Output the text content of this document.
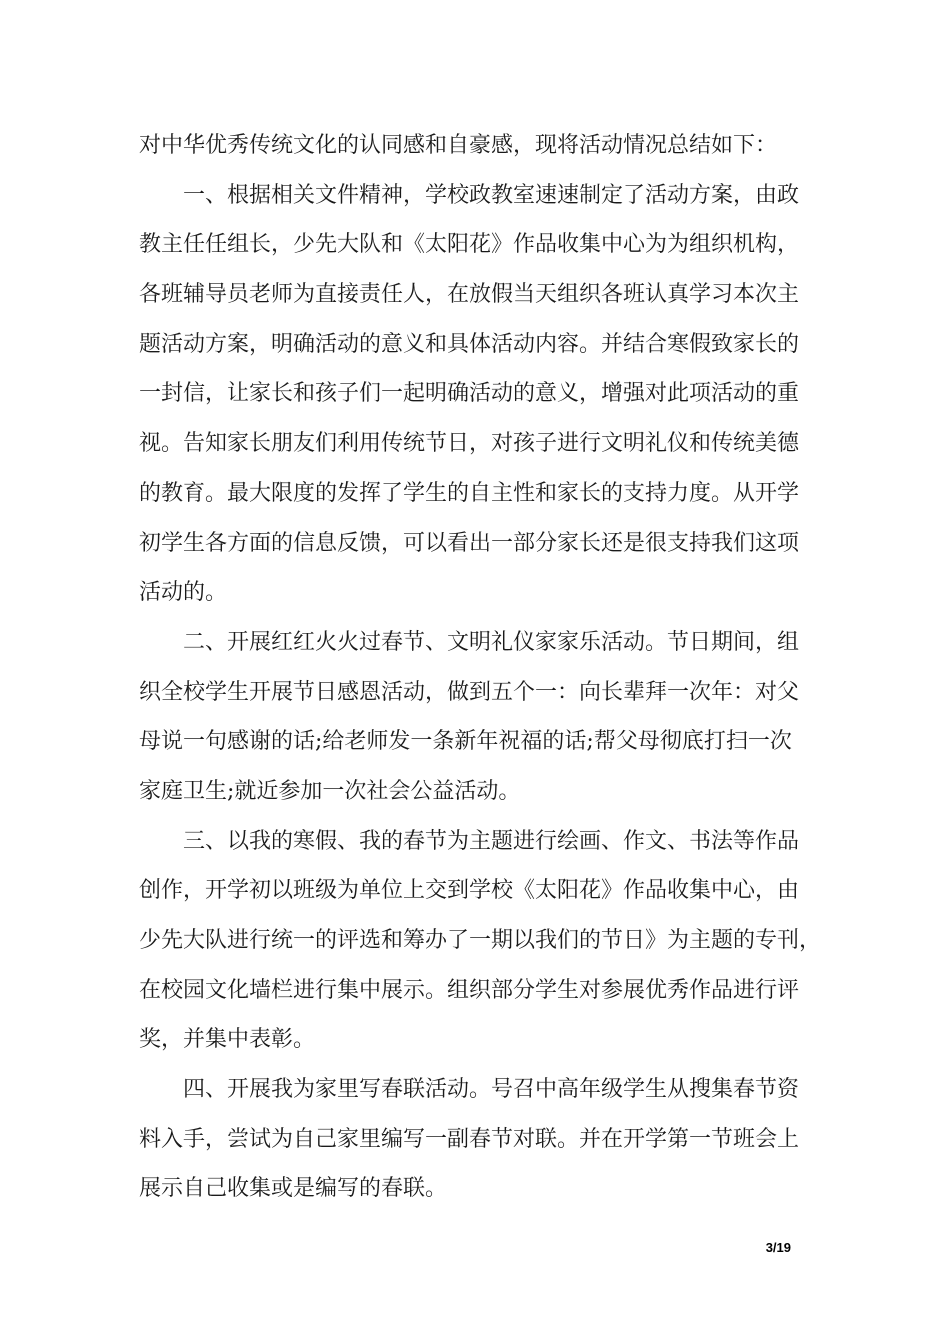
对中华优秀传统文化的认同感和自豪感，现将活动情况总结如下：
　　一、根据相关文件精神，学校政教室速速制定了活动方案，由政
教主任任组长，少先大队和《太阳花》作品收集中心为为组织机构，
各班辅导员老师为直接责任人，在放假当天组织各班认真学习本次主
题活动方案，明确活动的意义和具体活动内容。并结合寒假致家长的
一封信，让家长和孩子们一起明确活动的意义，增强对此项活动的重
视。告知家长朋友们利用传统节日，对孩子进行文明礼仪和传统美德
的教育。最大限度的发挥了学生的自主性和家长的支持力度。从开学
初学生各方面的信息反馈，可以看出一部分家长还是很支持我们这项
活动的。
　　二、开展红红火火过春节、文明礼仪家家乐活动。节日期间，组
织全校学生开展节日感恩活动，做到五个一：向长辈拜一次年：对父
母说一句感谢的话;给老师发一条新年祝福的话;帮父母彻底打扫一次
家庭卫生;就近参加一次社会公益活动。
　　三、以我的寒假、我的春节为主题进行绘画、作文、书法等作品
创作，开学初以班级为单位上交到学校《太阳花》作品收集中心，由
少先大队进行统一的评选和筹办了一期以我们的节日》为主题的专刊，
在校园文化墙栏进行集中展示。组织部分学生对参展优秀作品进行评
奖，并集中表彰。
　　四、开展我为家里写春联活动。号召中高年级学生从搜集春节资
料入手，尝试为自己家里编写一副春节对联。并在开学第一节班会上
展示自己收集或是编写的春联。
3/19
